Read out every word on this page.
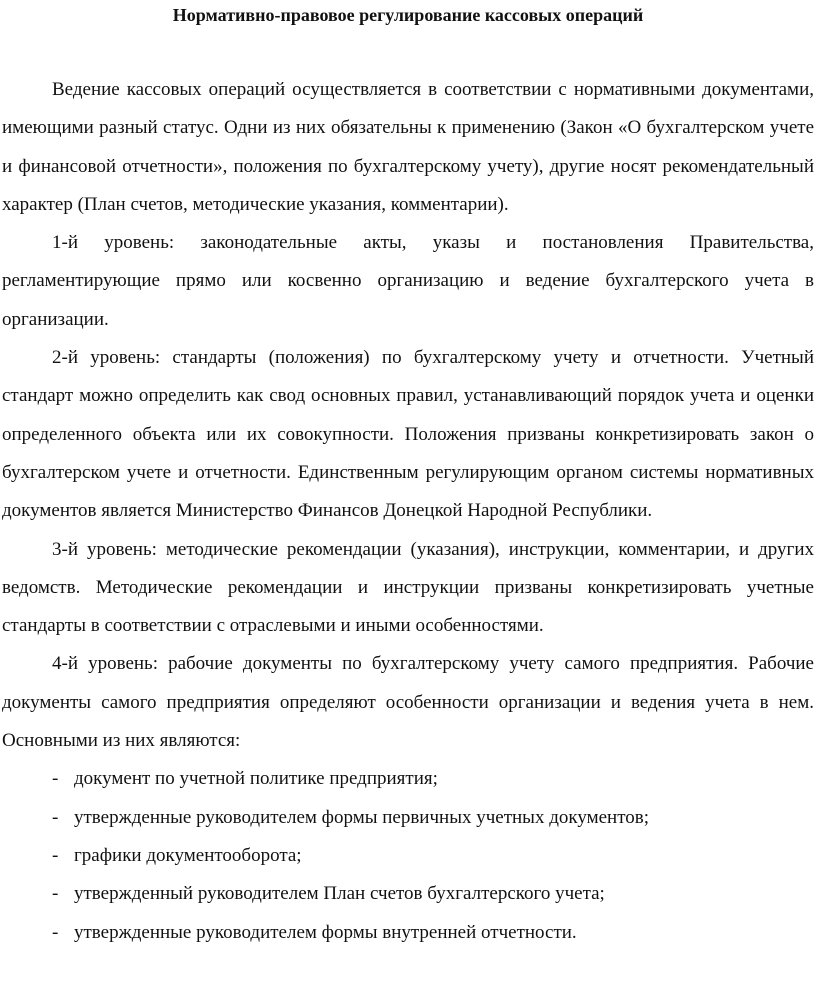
Нормативно-правовое регулирование кассовых операций

Ведение кассовых операций осуществляется в соответствии с нормативными документами, имеющими разный статус. Одни из них обязательны к применению (Закон «О бухгалтерском учете и финансовой отчетности», положения по бухгалтерскому учету), другие носят рекомендательный характер (План счетов, методические указания, комментарии).

1-й уровень: законодательные акты, указы и постановления Правительства, регламентирующие прямо или косвенно организацию и ведение бухгалтерского учета в организации.

2-й уровень: стандарты (положения) по бухгалтерскому учету и отчетности. Учетный стандарт можно определить как свод основных правил, устанавливающий порядок учета и оценки определенного объекта или их совокупности. Положения призваны конкретизировать закон о бухгалтерском учете и отчетности. Единственным регулирующим органом системы нормативных документов является Министерство Финансов Донецкой Народной Республики.

3-й уровень: методические рекомендации (указания), инструкции, комментарии, и других ведомств. Методические рекомендации и инструкции призваны конкретизировать учетные стандарты в соответствии с отраслевыми и иными особенностями.

4-й уровень: рабочие документы по бухгалтерскому учету самого предприятия. Рабочие документы самого предприятия определяют особенности организации и ведения учета в нем. Основными из них являются:

- документ по учетной политике предприятия;
- утвержденные руководителем формы первичных учетных документов;
- графики документооборота;
- утвержденный руководителем План счетов бухгалтерского учета;
- утвержденные руководителем формы внутренней отчетности.
